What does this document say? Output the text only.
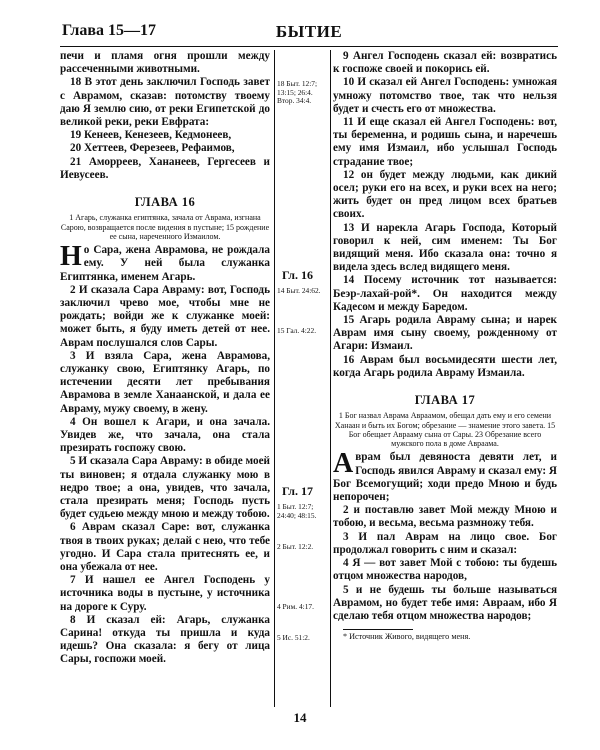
Глава 15—17	БЫТИЕ

печи и пламя огня прошли между рассеченными животными.

18 В этот день заключил Господь завет с Аврамом, сказав: потомству твоему даю Я землю сию, от реки Египетской до великой реки, реки Евфрата:

19 Кенеев, Кенезеев, Кедмонеев,

20 Хеттеев, Ферезеев, Рефаимов,

21 Аморреев, Хананеев, Гергесеев и Иевусеев.

ГЛАВА 16
1 Агарь, служанка египтянка, зачала от Аврама, изгнана Сарою, возвращается после видения в пустыне; 15 рождение ее сына, нареченного Измаилом.

Но Сара, жена Аврамова, не рождала ему. У ней была служанка Египтянка, именем Агарь.

2 И сказала Сара Авраму: вот, Господь заключил чрево мое, чтобы мне не рождать; войди же к служанке моей: может быть, я буду иметь детей от нее. Аврам послушался слов Сары.

3 И взяла Сара, жена Аврамова, служанку свою, Египтянку Агарь, по истечении десяти лет пребывания Аврамова в земле Ханаанской, и дала ее Авраму, мужу своему, в жену.

4 Он вошел к Агари, и она зачала. Увидев же, что зачала, она стала презирать госпожу свою.

5 И сказала Сара Авраму: в обиде моей ты виновен; я отдала служанку мою в недро твое; а она, увидев, что зачала, стала презирать меня; Господь пусть будет судьею между мною и между тобою.

6 Аврам сказал Саре: вот, служанка твоя в твоих руках; делай с нею, что тебе угодно. И Сара стала притеснять ее, и она убежала от нее.

7 И нашел ее Ангел Господень у источника воды в пустыне, у источника на дороге к Суру.

8 И сказал ей: Агарь, служанка Сарина! откуда ты пришла и куда идешь? Она сказала: я бегу от лица Сары, госпожи моей.

18 Быт. 12:7; 13:15; 26:4. Втор. 34:4.
Гл. 16
14 Быт. 24:62.
15 Гал. 4:22.
Гл. 17
1 Быт. 12:7; 24:40; 48:15.
2 Быт. 12:2.
4 Рим. 4:17.
5 Ис. 51:2.

9 Ангел Господень сказал ей: возвратись к госпоже своей и покорись ей.

10 И сказал ей Ангел Господень: умножая умножу потомство твое, так что нельзя будет и счесть его от множества.

11 И еще сказал ей Ангел Господень: вот, ты беременна, и родишь сына, и наречешь ему имя Измаил, ибо услышал Господь страдание твое;

12 он будет между людьми, как дикий осел; руки его на всех, и руки всех на него; жить будет он пред лицом всех братьев своих.

13 И нарекла Агарь Господа, Который говорил к ней, сим именем: Ты Бог видящий меня. Ибо сказала она: точно я видела здесь вслед видящего меня.

14 Посему источник тот называется: Беэр-лахай-рой*. Он находится между Кадесом и между Баредом.

15 Агарь родила Авраму сына; и нарек Аврам имя сыну своему, рожденному от Агари: Измаил.

16 Аврам был восьмидесяти шести лет, когда Агарь родила Авраму Измаила.

ГЛАВА 17
1 Бог назвал Аврама Авраамом, обещал дать ему и его семени Ханаан и быть их Богом; обрезание — знамение этого завета. 15 Бог обещает Аврааму сына от Сары. 23 Обрезание всего мужского пола в доме Авраама.

Аврам был девяноста девяти лет, и Господь явился Авраму и сказал ему: Я Бог Всемогущий; ходи предо Мною и будь непорочен;

2 и поставлю завет Мой между Мною и тобою, и весьма, весьма размножу тебя.

3 И пал Аврам на лицо свое. Бог продолжал говорить с ним и сказал:

4 Я — вот завет Мой с тобою: ты будешь отцом множества народов,

5 и не будешь ты больше называться Аврамом, но будет тебе имя: Авраам, ибо Я сделаю тебя отцом множества народов;

* Источник Живого, видящего меня.
14
